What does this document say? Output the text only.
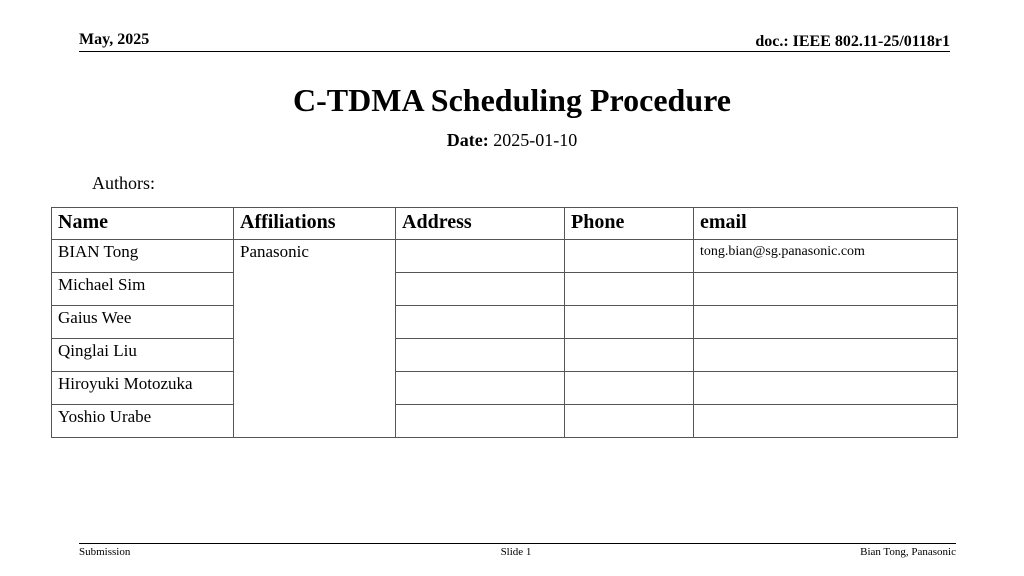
May, 2025	doc.: IEEE 802.11-25/0118r1
C-TDMA Scheduling Procedure
Date: 2025-01-10
Authors:
Name	Affiliations	Address	Phone	email
BIAN Tong	Panasonic			tong.bian@sg.panasonic.com
Michael Sim				
Gaius Wee				
Qinglai Liu				
Hiroyuki Motozuka				
Yoshio Urabe				
Submission	Slide 1	Bian Tong, Panasonic
